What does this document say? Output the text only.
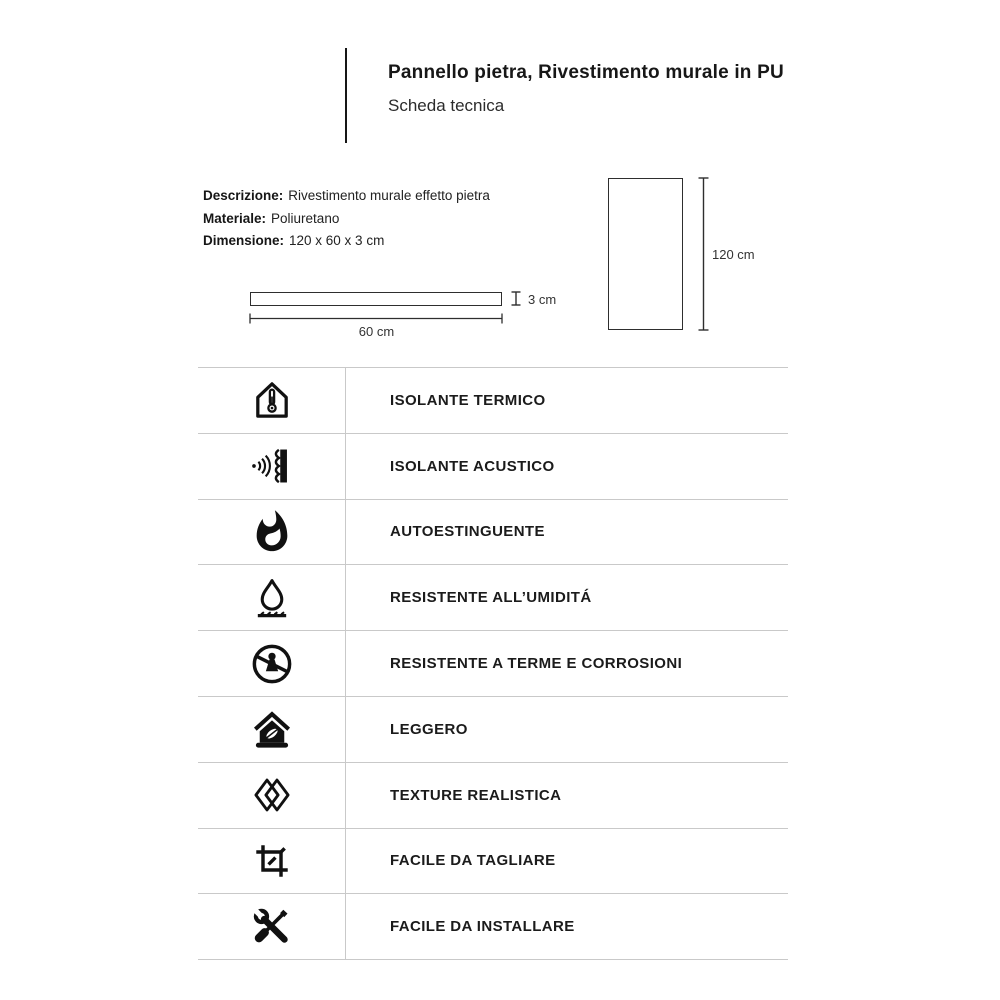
Pannello pietra, Rivestimento murale in PU
Scheda tecnica
Descrizione: Rivestimento murale effetto pietra
Materiale: Poliuretano
Dimensione: 120 x 60 x 3 cm
3 cm
60 cm
120 cm
ISOLANTE TERMICO
ISOLANTE ACUSTICO
AUTOESTINGUENTE
RESISTENTE ALL’UMIDITÁ
RESISTENTE A TERME E CORROSIONI
LEGGERO
TEXTURE REALISTICA
FACILE DA TAGLIARE
FACILE DA INSTALLARE
